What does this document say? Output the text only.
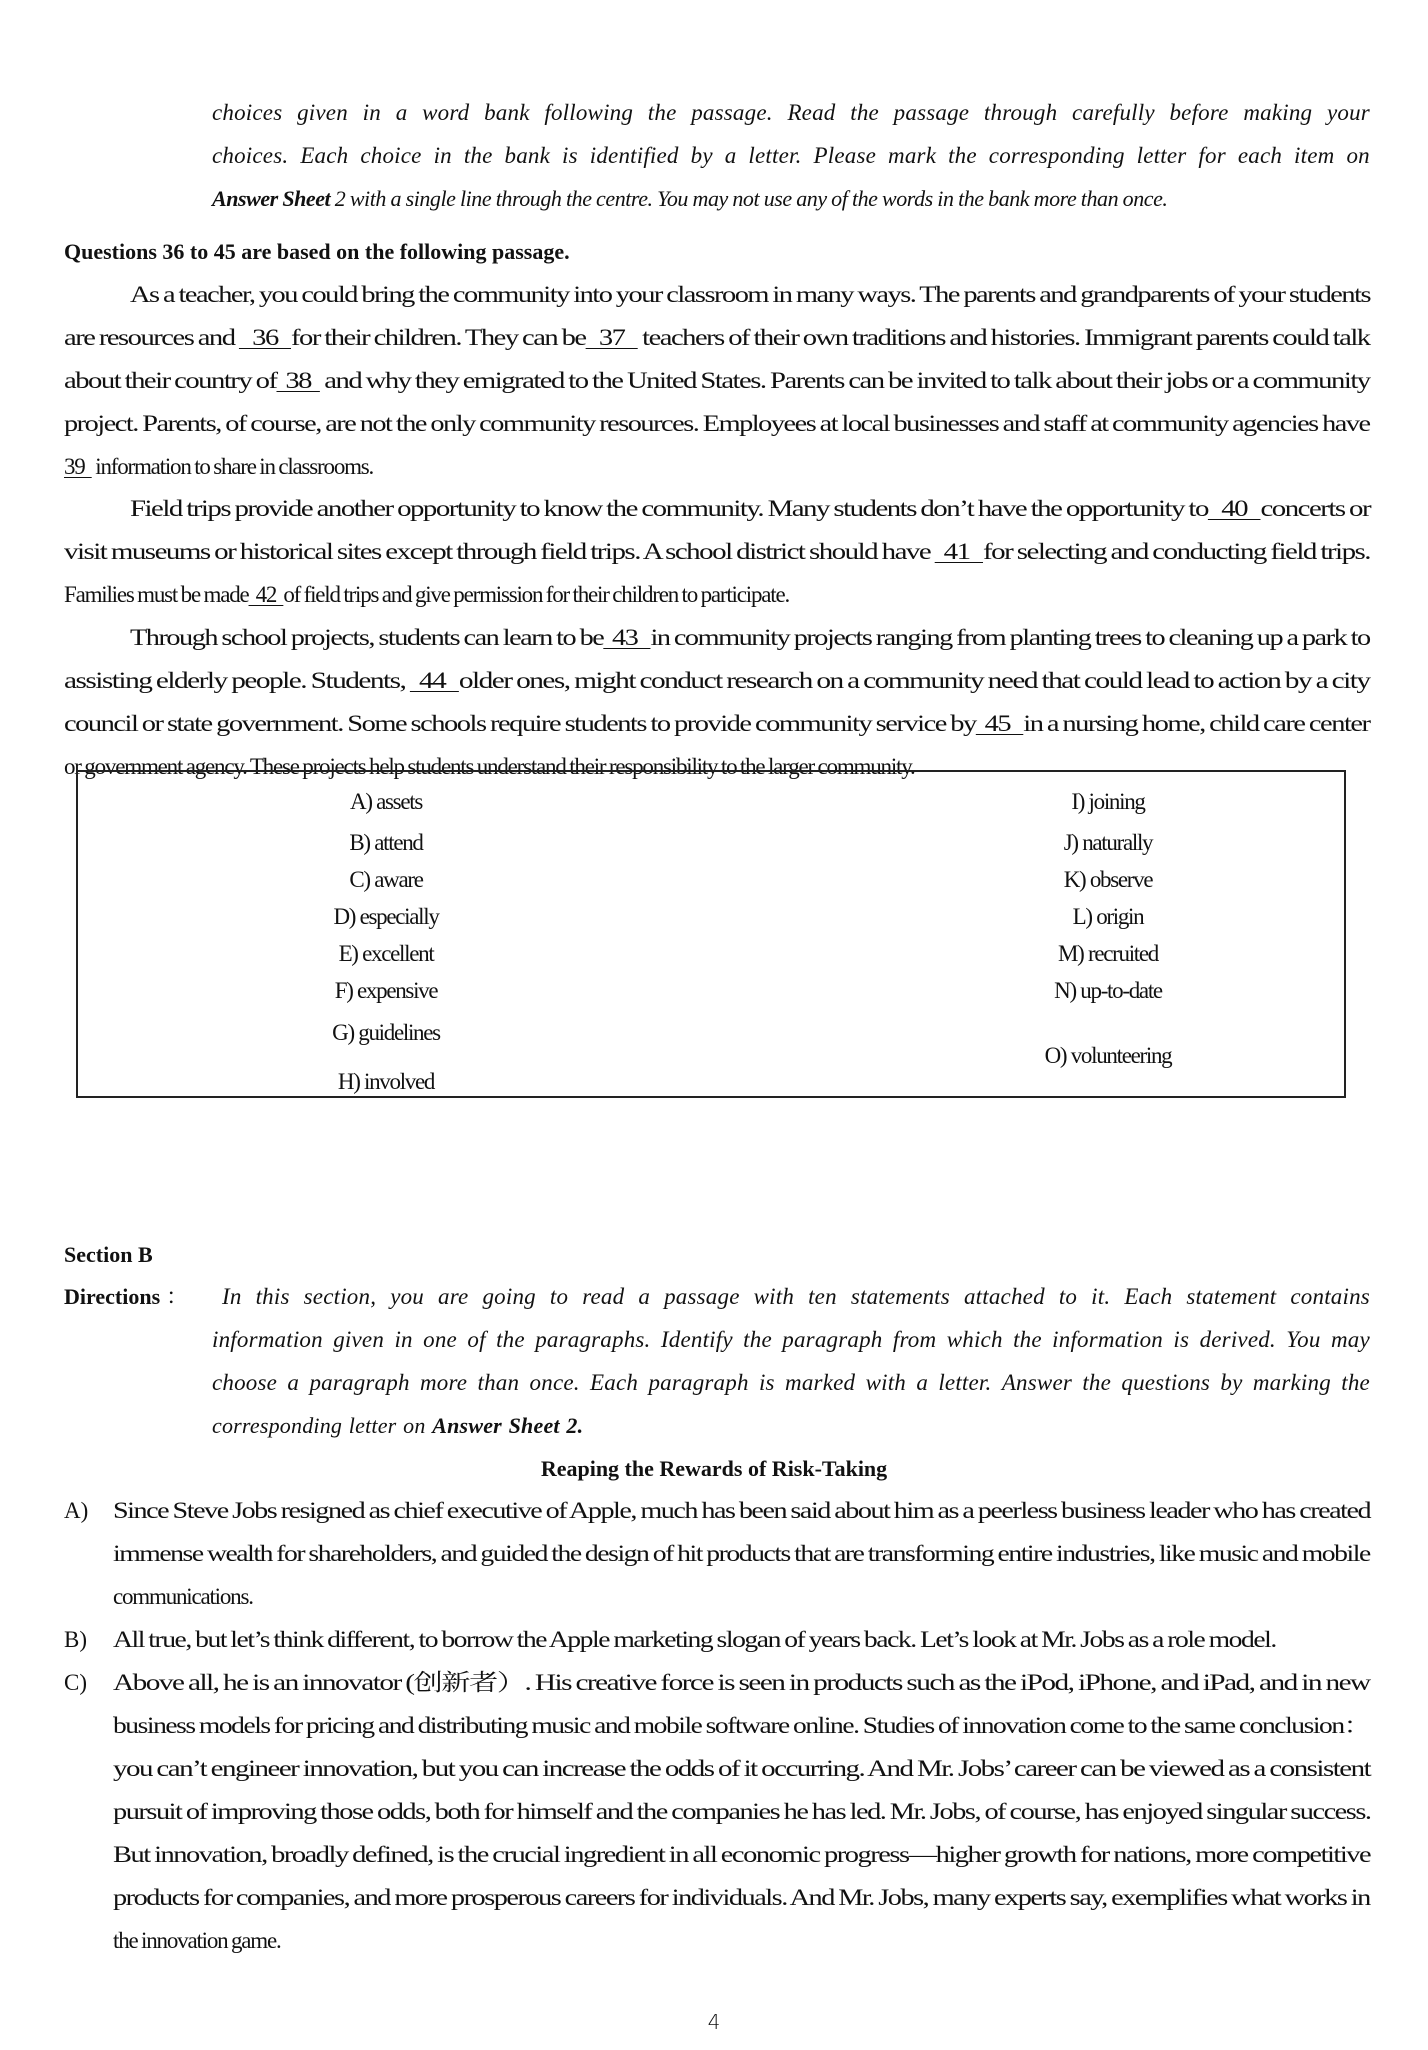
choices given in a word bank following the passage. Read the passage through carefully before making your
choices. Each choice in the bank is identified by a letter. Please mark the corresponding letter for each item on
Answer Sheet 2 with a single line through the centre. You may not use any of the words in the bank more than once.
Questions 36 to 45 are based on the following passage.
As a teacher, you could bring the community into your classroom in many ways. The parents and grandparents of your students
are resources and    36   for their children. They can be   37    teachers of their own traditions and histories. Immigrant parents could talk
about their country of  38   and why they emigrated to the United States. Parents can be invited to talk about their jobs or a community
project. Parents, of course, are not the only community resources. Employees at local businesses and staff at community agencies have
39   information to share in classrooms.
Field trips provide another opportunity to know the community. Many students don’t have the opportunity to   40   concerts or
visit museums or historical sites except through field trips. A school district should have   41   for selecting and conducting field trips.
Families must be made  42  of field trips and give permission for their children to participate.
Through school projects, students can learn to be  43   in community projects ranging from planting trees to cleaning up a park to
assisting elderly people. Students,   44   older ones, might conduct research on a community need that could lead to action by a city
council or state government. Some schools require students to provide community service by  45   in a nursing home, child care center
or government agency. These projects help students understand their responsibility to the larger community.
A) assets
B) attend
C) aware
D) especially
E) excellent
F) expensive
G) guidelines
H) involved
I) joining
J) naturally
K) observe
L) origin
M) recruited
N) up-to-date
O) volunteering
Section B
Directions ： In this section, you are going to read a passage with ten statements attached to it. Each statement contains
information given in one of the paragraphs. Identify the paragraph from which the information is derived. You may
choose a paragraph more than once. Each paragraph is marked with a letter. Answer the questions by marking the
corresponding letter on Answer Sheet 2.
Reaping the Rewards of Risk-Taking
A) Since Steve Jobs resigned as chief executive of Apple, much has been said about him as a peerless business leader who has created
immense wealth for shareholders, and guided the design of hit products that are transforming entire industries, like music and mobile
communications.
B) All true, but let’s think different, to borrow the Apple marketing slogan of years back. Let’s look at Mr. Jobs as a role model.
C) Above all, he is an innovator (创新者）. His creative force is seen in products such as the iPod, iPhone, and iPad, and in new
business models for pricing and distributing music and mobile software online. Studies of innovation come to the same conclusion：
you can’t engineer innovation, but you can increase the odds of it occurring. And Mr. Jobs’ career can be viewed as a consistent
pursuit of improving those odds, both for himself and the companies he has led. Mr. Jobs, of course, has enjoyed singular success.
But innovation, broadly defined, is the crucial ingredient in all economic progress—higher growth for nations, more competitive
products for companies, and more prosperous careers for individuals. And Mr. Jobs, many experts say, exemplifies what works in
the innovation game.
4
